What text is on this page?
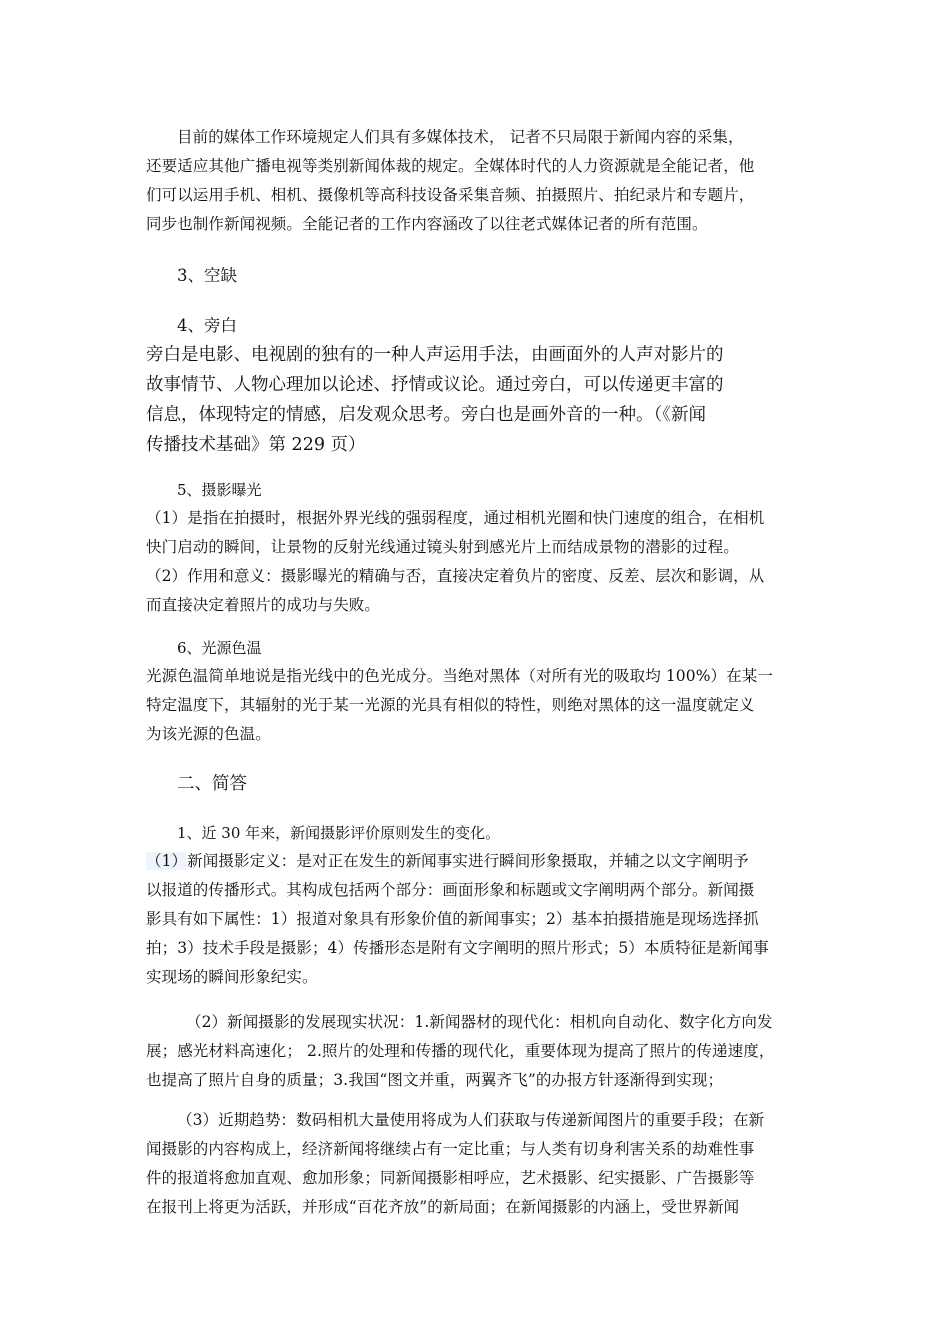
目前的媒体工作环境规定人们具有多媒体技术， 记者不只局限于新闻内容的采集，
还要适应其他广播电视等类别新闻体裁的规定。全媒体时代的人力资源就是全能记者，他
们可以运用手机、相机、摄像机等高科技设备采集音频、拍摄照片、拍纪录片和专题片，
同步也制作新闻视频。全能记者的工作内容涵改了以往老式媒体记者的所有范围。
3、空缺
4、旁白
旁白是电影、电视剧的独有的一种人声运用手法，由画面外的人声对影片的
故事情节、人物心理加以论述、抒情或议论。通过旁白，可以传递更丰富的
信息，体现特定的情感，启发观众思考。旁白也是画外音的一种。（《新闻
传播技术基础》第 229 页）
5、摄影曝光
（1）是指在拍摄时，根据外界光线的强弱程度，通过相机光圈和快门速度的组合，在相机
快门启动的瞬间，让景物的反射光线通过镜头射到感光片上而结成景物的潜影的过程。
（2）作用和意义：摄影曝光的精确与否，直接决定着负片的密度、反差、层次和影调，从
而直接决定着照片的成功与失败。
6、光源色温
光源色温简单地说是指光线中的色光成分。当绝对黑体（对所有光的吸取均 100%）在某一
特定温度下，其辐射的光于某一光源的光具有相似的特性，则绝对黑体的这一温度就定义
为该光源的色温。
二、简答
1、近 30 年来，新闻摄影评价原则发生的变化。
（1）新闻摄影定义：是对正在发生的新闻事实进行瞬间形象摄取，并辅之以文字阐明予
以报道的传播形式。其构成包括两个部分：画面形象和标题或文字阐明两个部分。新闻摄
影具有如下属性：1）报道对象具有形象价值的新闻事实；2）基本拍摄措施是现场选择抓
拍；3）技术手段是摄影；4）传播形态是附有文字阐明的照片形式；5）本质特征是新闻事
实现场的瞬间形象纪实。
（2）新闻摄影的发展现实状况：1.新闻器材的现代化：相机向自动化、数字化方向发
展；感光材料高速化； 2.照片的处理和传播的现代化，重要体现为提高了照片的传递速度，
也提高了照片自身的质量；3.我国“图文并重，两翼齐飞”的办报方针逐渐得到实现；
（3）近期趋势：数码相机大量使用将成为人们获取与传递新闻图片的重要手段；在新
闻摄影的内容构成上，经济新闻将继续占有一定比重；与人类有切身利害关系的劫难性事
件的报道将愈加直观、愈加形象；同新闻摄影相呼应，艺术摄影、纪实摄影、广告摄影等
在报刊上将更为活跃，并形成“百花齐放”的新局面；在新闻摄影的内涵上，受世界新闻
